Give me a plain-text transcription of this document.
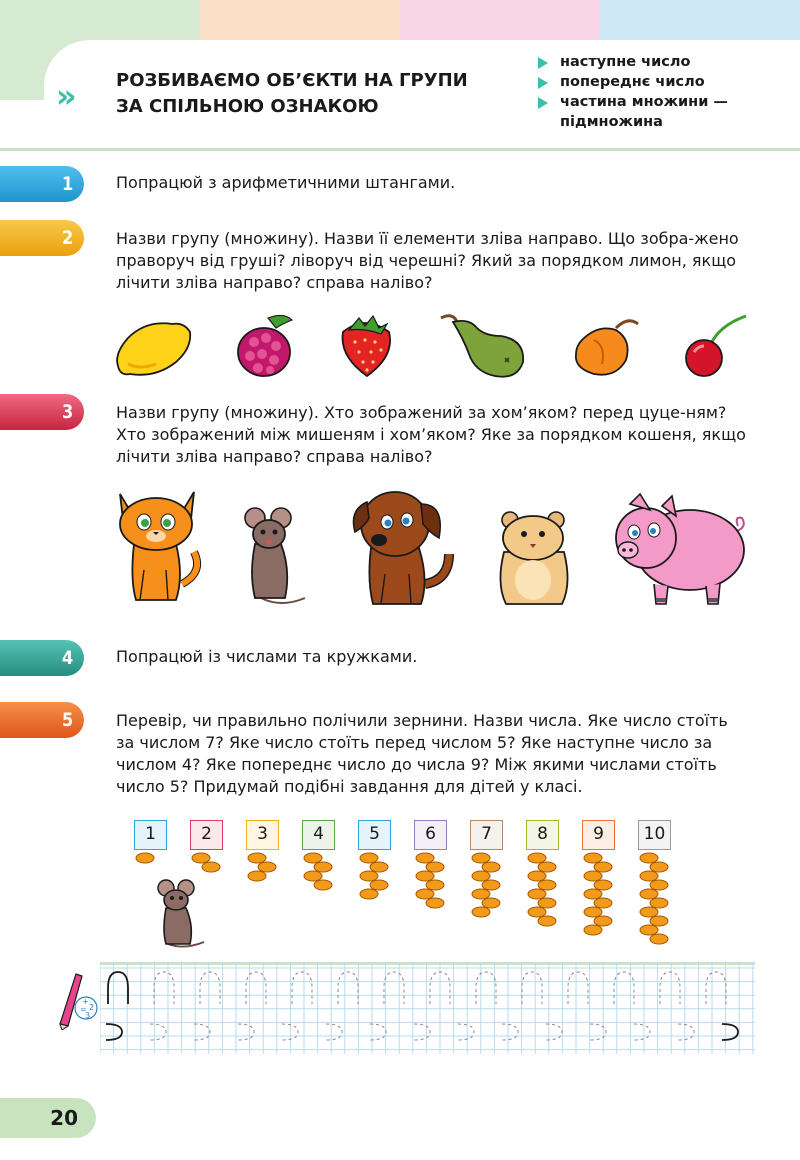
»	РОЗБИВАЄМО ОБ’ЄКТИ НА ГРУПИ ЗА СПІЛЬНОЮ ОЗНАКОЮ
наступне число
попереднє число
частина множини —
підмножина
1	Попрацюй з арифметичними штангами.
2	Назви групу (множину). Назви її елементи зліва направо. Що зобра-жено праворуч від груші? ліворуч від черешні? Який за порядком лимон, якщо лічити зліва направо? справа наліво?
3	Назви групу (множину). Хто зображений за хом’яком? перед цуце-ням? Хто зображений між мишеням і хом’яком? Яке за порядком кошеня, якщо лічити зліва направо? справа наліво?
4	Попрацюй із числами та кружками.
5	Перевір, чи правильно полічили зернини. Назви числа. Яке число стоїть за числом 7? Яке число стоїть перед числом 5? Яке наступне число за числом 4? Яке попереднє число до числа 9? Між якими числами стоїть число 5? Придумай подібні завдання для дітей у класі.
1	2	3	4	5	6	7	8	9	10
+
2
=
3
20
